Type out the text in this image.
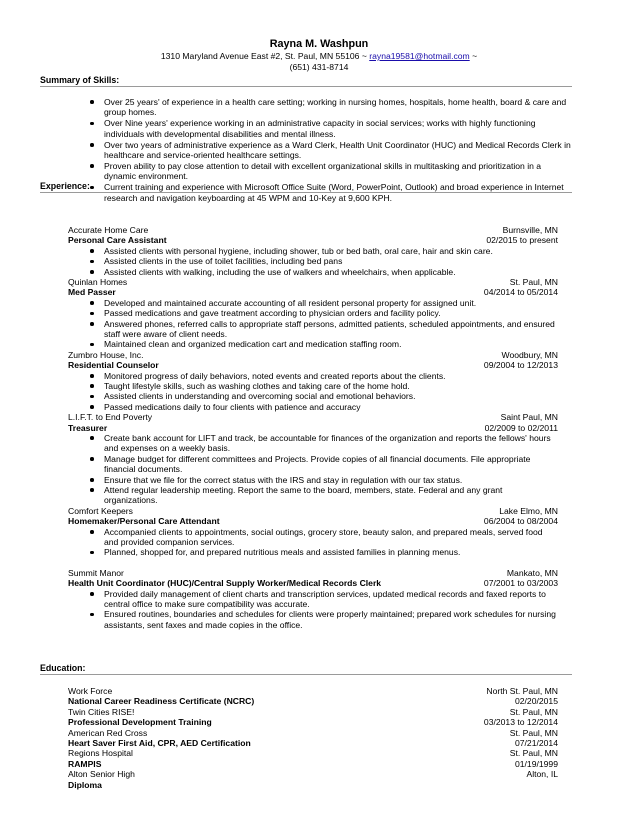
Rayna M. Washpun
1310 Maryland Avenue East #2, St. Paul, MN 55106 ~ rayna19581@hotmail.com ~
(651) 431-8714
Summary of Skills:
Over 25 years' of experience in a health care setting; working in nursing homes, hospitals, home health, board & care and group homes.
Over Nine years' experience working in an administrative capacity in social services; works with highly functioning individuals with developmental disabilities and mental illness.
Over two years of administrative experience as a Ward Clerk, Health Unit Coordinator (HUC) and Medical Records Clerk in healthcare and service-oriented healthcare settings.
Proven ability to pay close attention to detail with excellent organizational skills in multitasking and prioritization in a dynamic environment.
Current training and experience with Microsoft Office Suite (Word, PowerPoint, Outlook) and broad experience in Internet research and navigation keyboarding at 45 WPM and 10-Key at 9,600 KPH.
Experience:
Accurate Home Care	Burnsville, MN
Personal Care Assistant	02/2015 to present
Assisted clients with personal hygiene, including shower, tub or bed bath, oral care, hair and skin care.
Assisted clients in the use of toilet facilities, including bed pans
Assisted clients with walking, including the use of walkers and wheelchairs, when applicable.
Quinlan Homes	St. Paul, MN
Med Passer	04/2014 to 05/2014
Developed and maintained accurate accounting of all resident personal property for assigned unit.
Passed medications and gave treatment according to physician orders and facility policy.
Answered phones, referred calls to appropriate staff persons, admitted patients, scheduled appointments, and ensured staff were aware of client needs.
Maintained clean and organized medication cart and medication staffing room.
Zumbro House, Inc.	Woodbury, MN
Residential Counselor	09/2004 to 12/2013
Monitored progress of daily behaviors, noted events and created reports about the clients.
Taught lifestyle skills, such as washing clothes and taking care of the home hold.
Assisted clients in understanding and overcoming social and emotional behaviors.
Passed medications daily to four clients with patience and accuracy
L.I.F.T. to End Poverty	Saint Paul, MN
Treasurer	02/2009 to 02/2011
Create bank account for LIFT and track, be accountable for finances of the organization and reports the fellows' hours and expenses on a weekly basis.
Manage budget for different committees and Projects. Provide copies of all financial documents. File appropriate financial documents.
Ensure that we file for the correct status with the IRS and stay in regulation with our tax status.
Attend regular leadership meeting. Report the same to the board, members, state. Federal and any grant organizations.
Comfort Keepers	Lake Elmo, MN
Homemaker/Personal Care Attendant	06/2004 to 08/2004
Accompanied clients to appointments, social outings, grocery store, beauty salon, and prepared meals, served food and provided companion services.
Planned, shopped for, and prepared nutritious meals and assisted families in planning menus.
Summit Manor	Mankato, MN
Health Unit Coordinator (HUC)/Central Supply Worker/Medical Records Clerk	07/2001 to 03/2003
Provided daily management of client charts and transcription services, updated medical records and faxed reports to central office to make sure compatibility was accurate.
Ensured routines, boundaries and schedules for clients were properly maintained; prepared work schedules for nursing assistants, sent faxes and made copies in the office.
Education:
Work Force	North St. Paul, MN
National Career Readiness Certificate (NCRC)	02/20/2015
Twin Cities RISE!	St. Paul, MN
Professional Development Training	03/2013 to 12/2014
American Red Cross	St. Paul, MN
Heart Saver First Aid, CPR, AED Certification	07/21/2014
Regions Hospital	St. Paul, MN
RAMPIS	01/19/1999
Alton Senior High	Alton, IL
Diploma
